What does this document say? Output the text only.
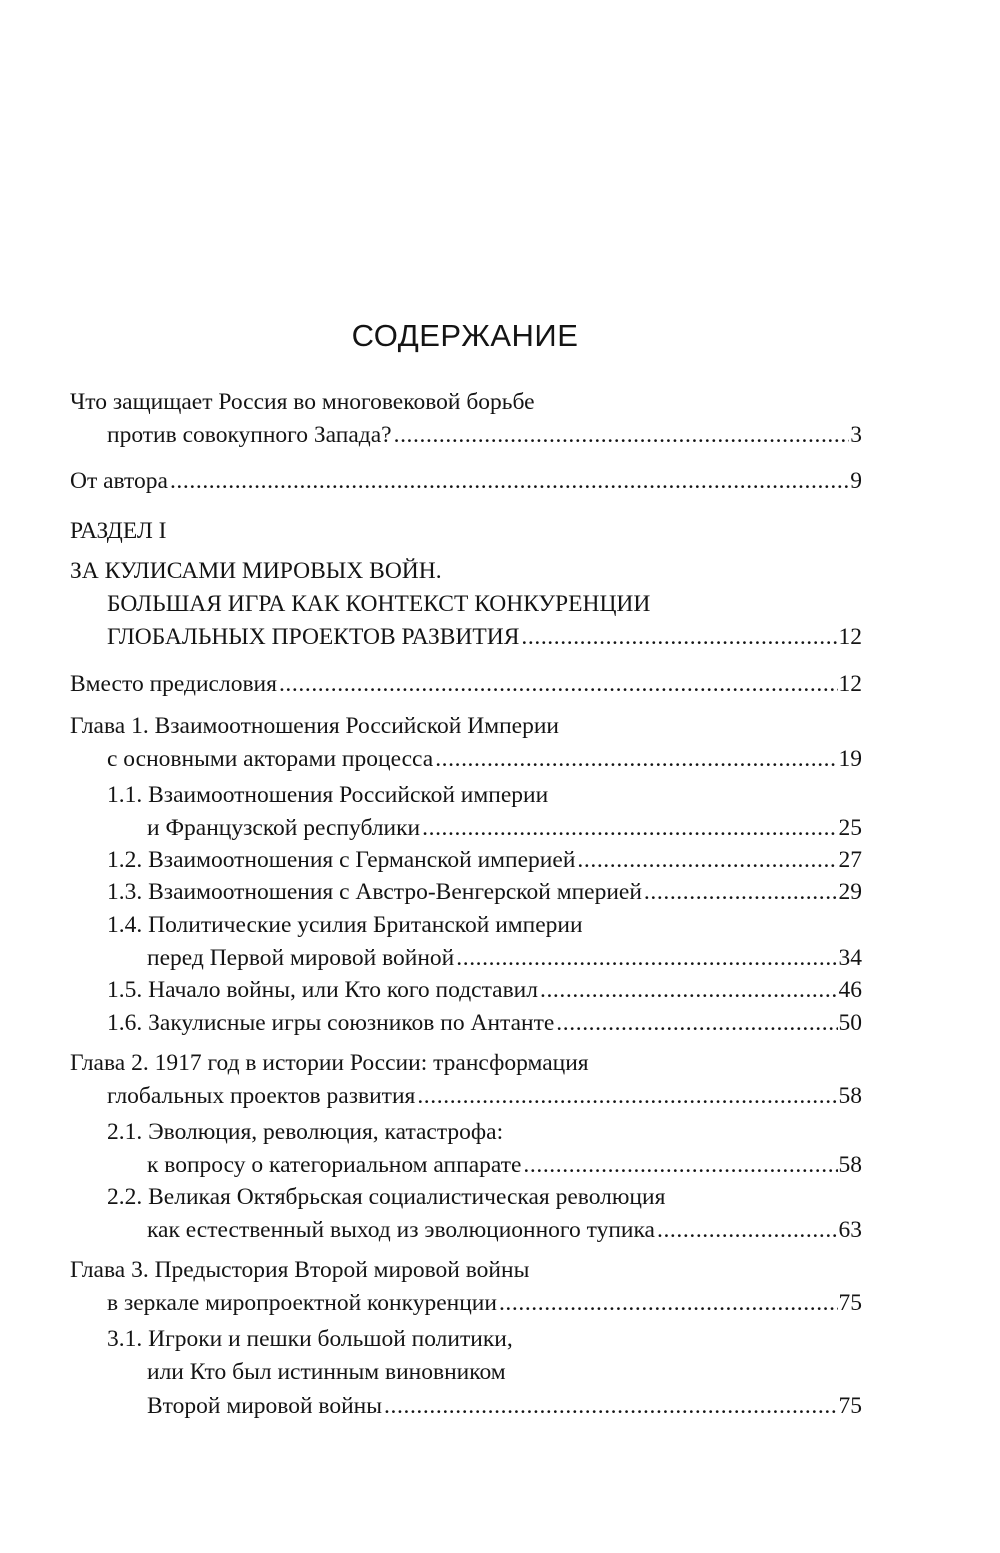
СОДЕРЖАНИЕ
Что защищает Россия во многовековой борьбе
против совокупного Запада? .....	3
От автора .....	9
РАЗДЕЛ I
ЗА КУЛИСАМИ МИРОВЫХ ВОЙН.
БОЛЬШАЯ ИГРА КАК КОНТЕКСТ КОНКУРЕНЦИИ
ГЛОБАЛЬНЫХ ПРОЕКТОВ РАЗВИТИЯ .....	12
Вместо предисловия .....	12
Глава 1. Взаимоотношения Российской Империи
с основными акторами процесса .....	19
1.1. Взаимоотношения Российской империи
и Французской республики .....	25
1.2. Взаимоотношения с Германской империей .....	27
1.3. Взаимоотношения с Австро-Венгерской мперией .....	29
1.4. Политические усилия Британской империи
перед Первой мировой войной .....	34
1.5. Начало войны, или Кто кого подставил .....	46
1.6. Закулисные игры союзников по Антанте .....	50
Глава 2. 1917 год в истории России: трансформация
глобальных проектов развития .....	58
2.1. Эволюция, революция, катастрофа:
к вопросу о категориальном аппарате .....	58
2.2. Великая Октябрьская социалистическая революция
как естественный выход из эволюционного тупика .....	63
Глава 3. Предыстория Второй мировой войны
в зеркале миропроектной конкуренции .....	75
3.1. Игроки и пешки большой политики,
или Кто был истинным виновником
Второй мировой войны .....	75
